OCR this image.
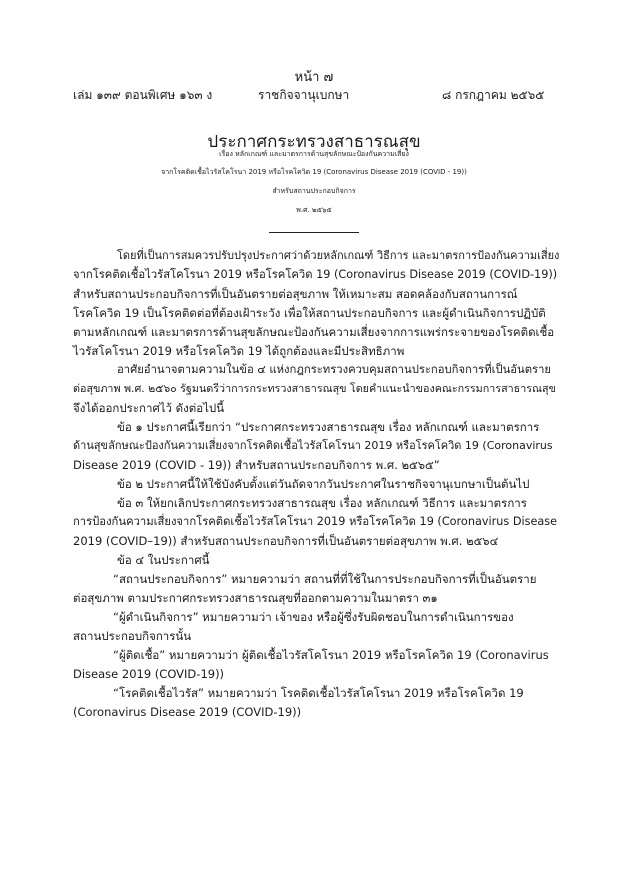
หน้า ๗
เล่ม ๑๓๙ ตอนพิเศษ ๑๖๓ ง	ราชกิจจานุเบกษา	๘ กรกฎาคม ๒๕๖๕
ประกาศกระทรวงสาธารณสุข
เรื่อง หลักเกณฑ์ และมาตรการด้านสุขลักษณะป้องกันความเสี่ยง
จากโรคติดเชื้อไวรัสโคโรนา 2019 หรือโรคโควิด 19 (Coronavirus Disease 2019 (COVID - 19))
สำหรับสถานประกอบกิจการ
พ.ศ. ๒๕๖๕
โดยที่เป็นการสมควรปรับปรุงประกาศว่าด้วยหลักเกณฑ์ วิธีการ และมาตรการป้องกันความเสี่ยง
จากโรคติดเชื้อไวรัสโคโรนา 2019 หรือโรคโควิด 19 (Coronavirus Disease 2019 (COVID-19))
สำหรับสถานประกอบกิจการที่เป็นอันตรายต่อสุขภาพ ให้เหมาะสม สอดคล้องกับสถานการณ์
โรคโควิด 19 เป็นโรคติดต่อที่ต้องเฝ้าระวัง เพื่อให้สถานประกอบกิจการ และผู้ดำเนินกิจการปฏิบัติ
ตามหลักเกณฑ์ และมาตรการด้านสุขลักษณะป้องกันความเสี่ยงจากการแพร่กระจายของโรคติดเชื้อ
ไวรัสโคโรนา 2019 หรือโรคโควิด 19 ได้ถูกต้องและมีประสิทธิภาพ
อาศัยอำนาจตามความในข้อ ๔ แห่งกฎกระทรวงควบคุมสถานประกอบกิจการที่เป็นอันตราย
ต่อสุขภาพ พ.ศ. ๒๕๖๐ รัฐมนตรีว่าการกระทรวงสาธารณสุข โดยคำแนะนำของคณะกรรมการสาธารณสุข
จึงได้ออกประกาศไว้ ดังต่อไปนี้
ข้อ ๑ ประกาศนี้เรียกว่า “ประกาศกระทรวงสาธารณสุข เรื่อง หลักเกณฑ์ และมาตรการ
ด้านสุขลักษณะป้องกันความเสี่ยงจากโรคติดเชื้อไวรัสโคโรนา 2019 หรือโรคโควิด 19 (Coronavirus
Disease 2019 (COVID - 19)) สำหรับสถานประกอบกิจการ พ.ศ. ๒๕๖๕”
ข้อ ๒ ประกาศนี้ให้ใช้บังคับตั้งแต่วันถัดจากวันประกาศในราชกิจจานุเบกษาเป็นต้นไป
ข้อ ๓ ให้ยกเลิกประกาศกระทรวงสาธารณสุข เรื่อง หลักเกณฑ์ วิธีการ และมาตรการ
การป้องกันความเสี่ยงจากโรคติดเชื้อไวรัสโคโรนา 2019 หรือโรคโควิด 19 (Coronavirus Disease
2019 (COVID–19)) สำหรับสถานประกอบกิจการที่เป็นอันตรายต่อสุขภาพ พ.ศ. ๒๕๖๔
ข้อ ๔ ในประกาศนี้
“สถานประกอบกิจการ” หมายความว่า สถานที่ที่ใช้ในการประกอบกิจการที่เป็นอันตราย
ต่อสุขภาพ ตามประกาศกระทรวงสาธารณสุขที่ออกตามความในมาตรา ๓๑
“ผู้ดำเนินกิจการ” หมายความว่า เจ้าของ หรือผู้ซึ่งรับผิดชอบในการดำเนินการของ
สถานประกอบกิจการนั้น
“ผู้ติดเชื้อ” หมายความว่า ผู้ติดเชื้อไวรัสโคโรนา 2019 หรือโรคโควิด 19 (Coronavirus
Disease 2019 (COVID-19))
“โรคติดเชื้อไวรัส” หมายความว่า โรคติดเชื้อไวรัสโคโรนา 2019 หรือโรคโควิด 19
(Coronavirus Disease 2019 (COVID-19))
